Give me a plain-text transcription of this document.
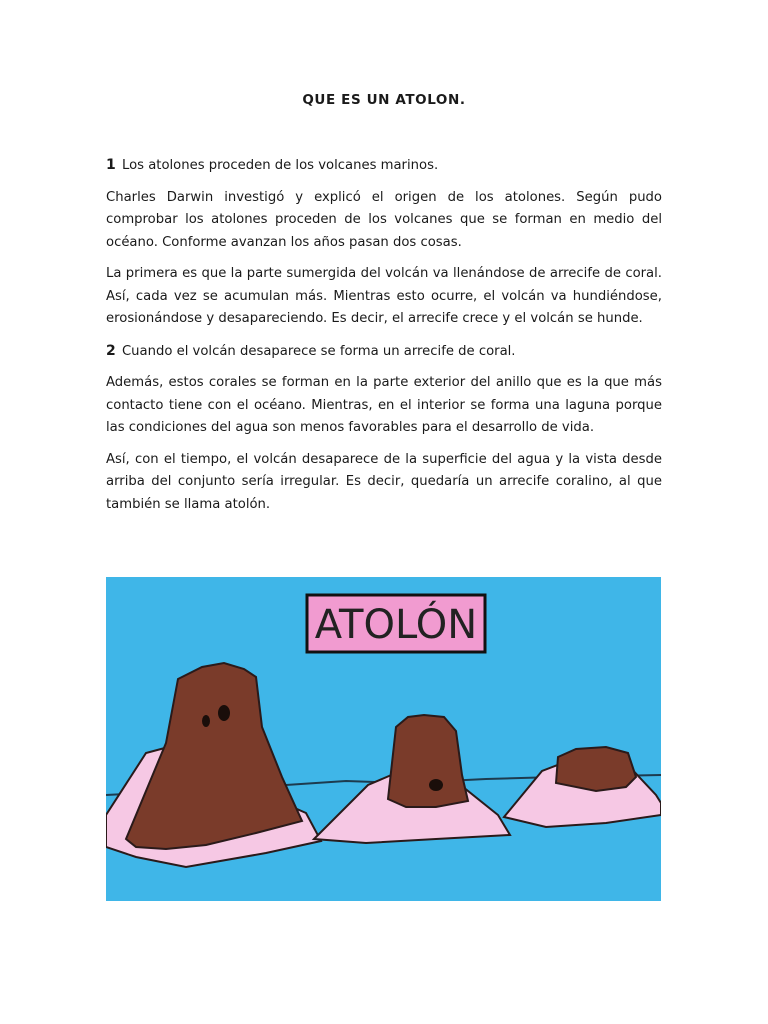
QUE ES UN ATOLON.

1 Los atolones proceden de los volcanes marinos.

Charles Darwin investigó y explicó el origen de los atolones. Según pudo comprobar los atolones proceden de los volcanes que se forman en medio del océano. Conforme avanzan los años pasan dos cosas.

La primera es que la parte sumergida del volcán va llenándose de arrecife de coral. Así, cada vez se acumulan más. Mientras esto ocurre, el volcán va hundiéndose, erosionándose y desapareciendo. Es decir, el arrecife crece y el volcán se hunde.

2 Cuando el volcán desaparece se forma un arrecife de coral.

Además, estos corales se forman en la parte exterior del anillo que es la que más contacto tiene con el océano. Mientras, en el interior se forma una laguna porque las condiciones del agua son menos favorables para el desarrollo de vida.

Así, con el tiempo, el volcán desaparece de la superficie del agua y la vista desde arriba del conjunto sería irregular. Es decir, quedaría un arrecife coralino, al que también se llama atolón.

ATOLÓN
